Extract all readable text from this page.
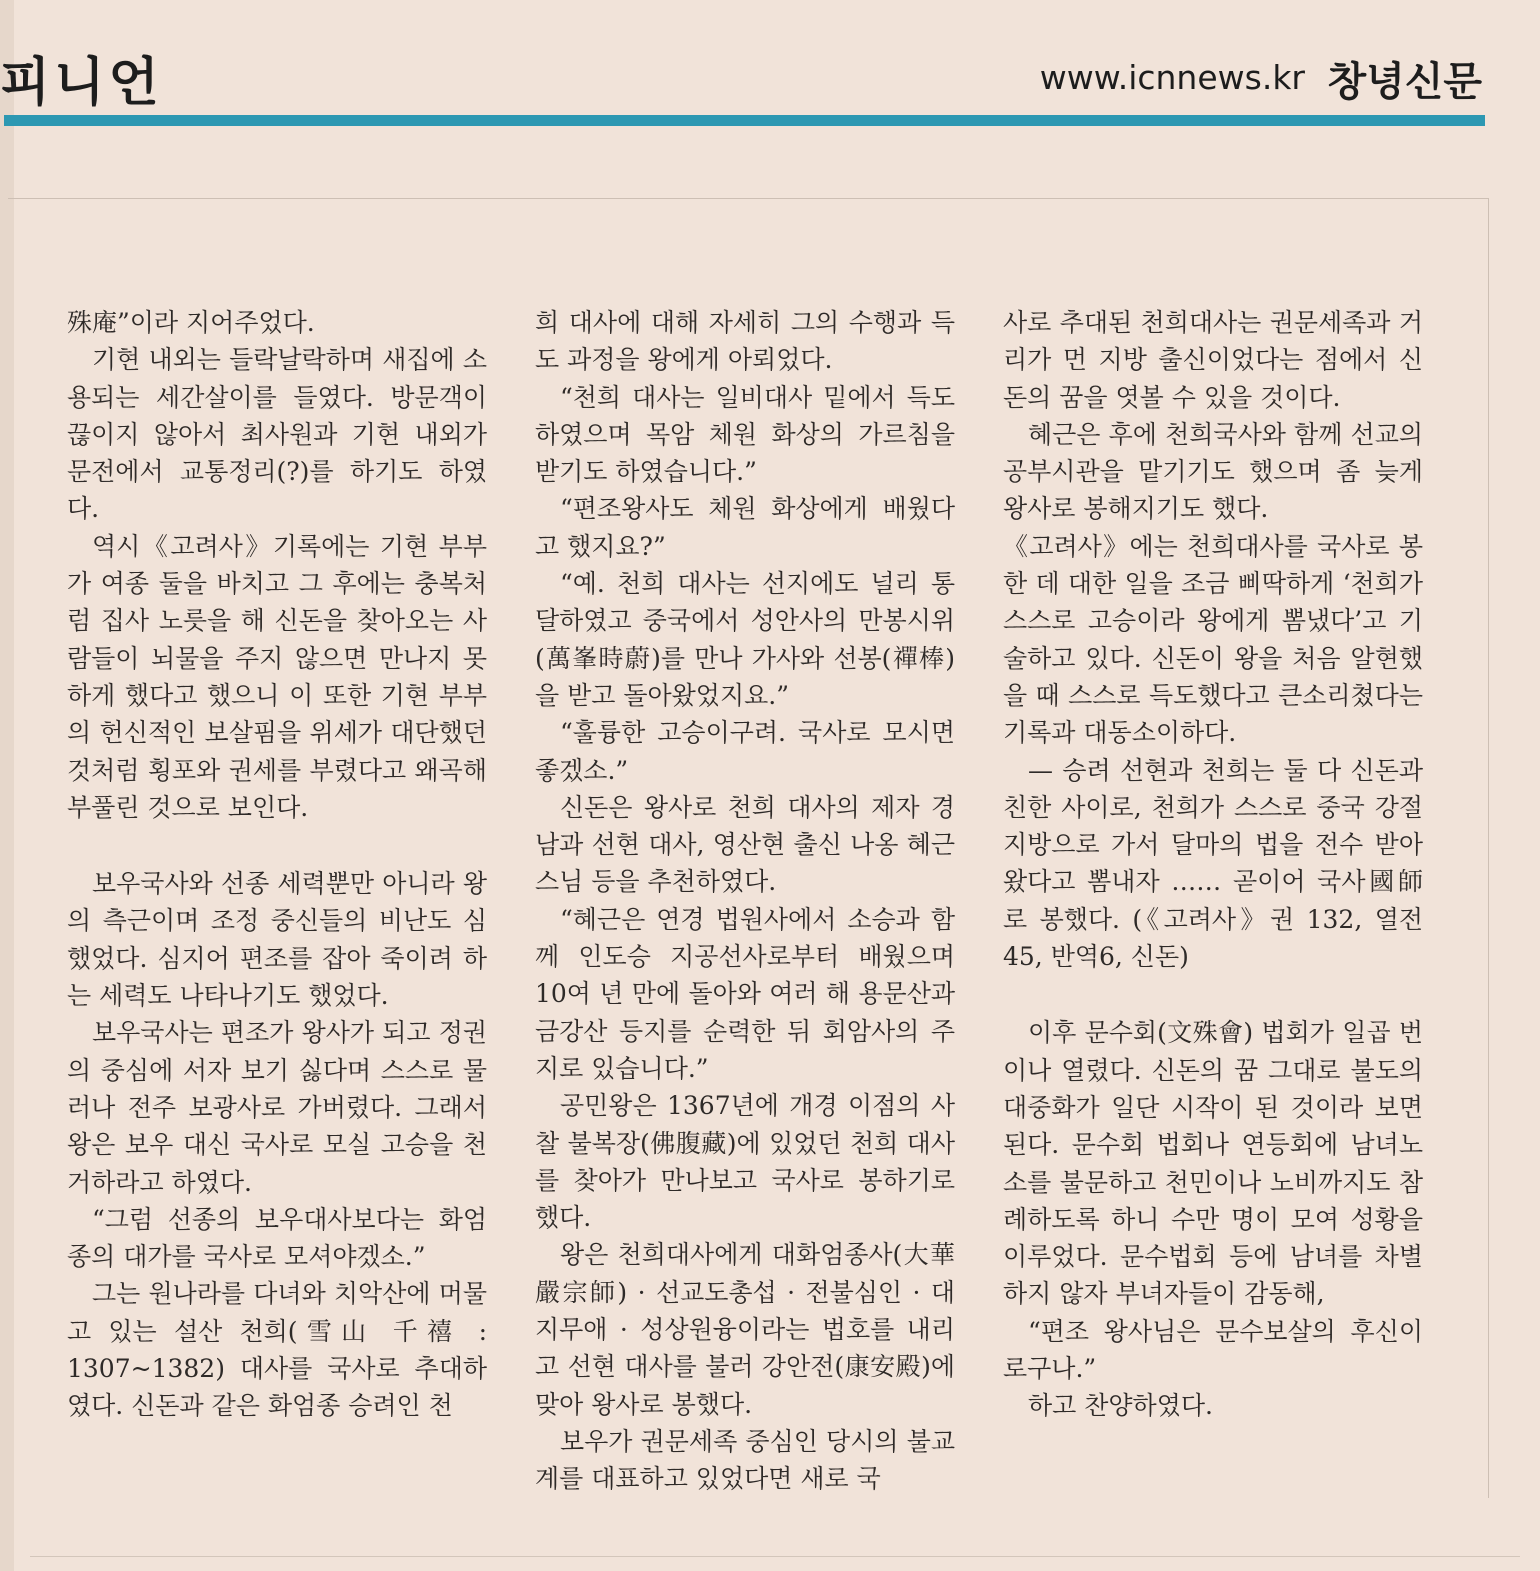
피니언	www.icnnews.kr 창녕신문

殊庵”이라 지어주었다.

기현 내외는 들락날락하며 새집에 소용되는 세간살이를 들였다. 방문객이 끊이지 않아서 최사원과 기현 내외가 문전에서 교통정리(?)를 하기도 하였다.

역시《고려사》기록에는 기현 부부가 여종 둘을 바치고 그 후에는 충복처럼 집사 노릇을 해 신돈을 찾아오는 사람들이 뇌물을 주지 않으면 만나지 못하게 했다고 했으니 이 또한 기현 부부의 헌신적인 보살핌을 위세가 대단했던 것처럼 횡포와 권세를 부렸다고 왜곡해 부풀린 것으로 보인다.

보우국사와 선종 세력뿐만 아니라 왕의 측근이며 조정 중신들의 비난도 심했었다. 심지어 편조를 잡아 죽이려 하는 세력도 나타나기도 했었다.

보우국사는 편조가 왕사가 되고 정권의 중심에 서자 보기 싫다며 스스로 물러나 전주 보광사로 가버렸다. 그래서 왕은 보우 대신 국사로 모실 고승을 천거하라고 하였다.

“그럼 선종의 보우대사보다는 화엄종의 대가를 국사로 모셔야겠소.”

그는 원나라를 다녀와 치악산에 머물고 있는 설산 천희(雪山 千禧 : 1307~1382) 대사를 국사로 추대하였다. 신돈과 같은 화엄종 승려인 천

희 대사에 대해 자세히 그의 수행과 득도 과정을 왕에게 아뢰었다.

“천희 대사는 일비대사 밑에서 득도하였으며 목암 체원 화상의 가르침을 받기도 하였습니다.”

“편조왕사도 체원 화상에게 배웠다고 했지요?”

“예. 천희 대사는 선지에도 널리 통달하였고 중국에서 성안사의 만봉시위(萬峯時蔚)를 만나 가사와 선봉(禪棒)을 받고 돌아왔었지요.”

“훌륭한 고승이구려. 국사로 모시면 좋겠소.”

신돈은 왕사로 천희 대사의 제자 경남과 선현 대사, 영산현 출신 나옹 혜근 스님 등을 추천하였다.

“혜근은 연경 법원사에서 소승과 함께 인도승 지공선사로부터 배웠으며 10여 년 만에 돌아와 여러 해 용문산과 금강산 등지를 순력한 뒤 회암사의 주지로 있습니다.”

공민왕은 1367년에 개경 이점의 사찰 불복장(佛腹藏)에 있었던 천희 대사를 찾아가 만나보고 국사로 봉하기로 했다.

왕은 천희대사에게 대화엄종사(大華嚴宗師) · 선교도총섭 · 전불심인 · 대지무애 · 성상원융이라는 법호를 내리고 선현 대사를 불러 강안전(康安殿)에 맞아 왕사로 봉했다.

보우가 권문세족 중심인 당시의 불교계를 대표하고 있었다면 새로 국

사로 추대된 천희대사는 권문세족과 거리가 먼 지방 출신이었다는 점에서 신돈의 꿈을 엿볼 수 있을 것이다.

혜근은 후에 천희국사와 함께 선교의 공부시관을 맡기기도 했으며 좀 늦게 왕사로 봉해지기도 했다.

《고려사》에는 천희대사를 국사로 봉한 데 대한 일을 조금 삐딱하게 ‘천희가 스스로 고승이라 왕에게 뽐냈다’고 기술하고 있다. 신돈이 왕을 처음 알현했을 때 스스로 득도했다고 큰소리쳤다는 기록과 대동소이하다.

— 승려 선현과 천희는 둘 다 신돈과 친한 사이로, 천희가 스스로 중국 강절 지방으로 가서 달마의 법을 전수 받아 왔다고 뽐내자 …… 곧이어 국사國師로 봉했다. (《고려사》권 132, 열전45, 반역6, 신돈)

이후 문수회(文殊會) 법회가 일곱 번이나 열렸다. 신돈의 꿈 그대로 불도의 대중화가 일단 시작이 된 것이라 보면 된다. 문수회 법회나 연등회에 남녀노소를 불문하고 천민이나 노비까지도 참례하도록 하니 수만 명이 모여 성황을 이루었다. 문수법회 등에 남녀를 차별하지 않자 부녀자들이 감동해,

“편조 왕사님은 문수보살의 후신이로구나.”

하고 찬양하였다.
